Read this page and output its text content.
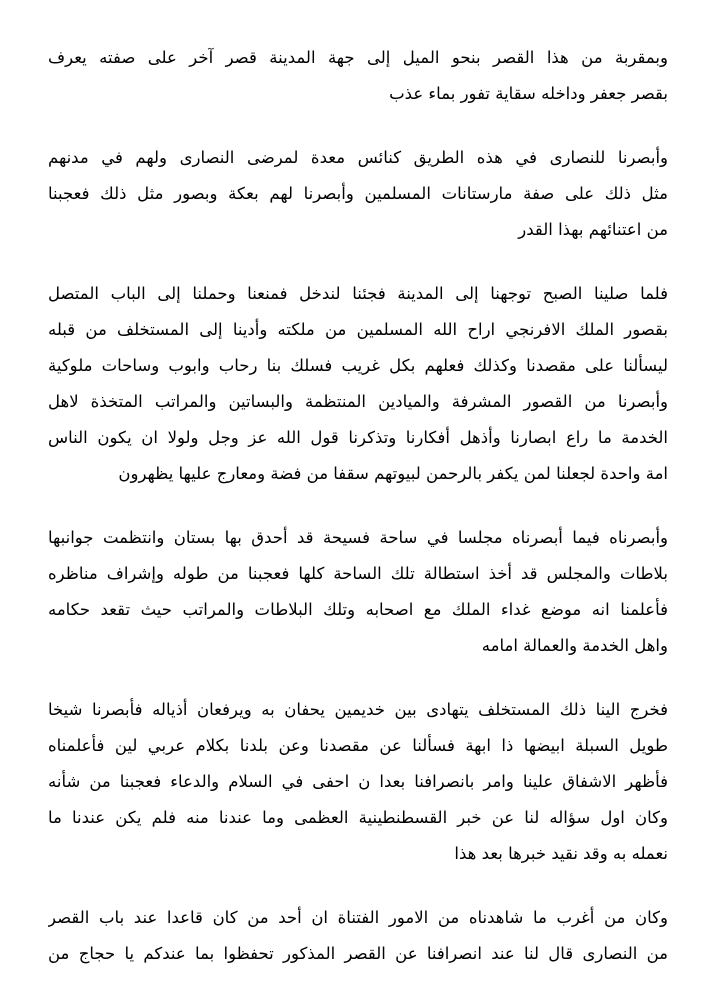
وبمقربة من هذا القصر بنحو الميل إلى جهة المدينة قصر آخر على صفته يعرف
بقصر جعفر وداخله سقاية تفور بماء عذب
وأبصرنا للنصارى في هذه الطريق كنائس معدة لمرضى النصارى ولهم في مدنهم
مثل ذلك على صفة مارستانات المسلمين وأبصرنا لهم بعكة وبصور مثل ذلك فعجبنا
من اعتنائهم بهذا القدر
فلما صلينا الصبح توجهنا إلى المدينة فجئنا لندخل فمنعنا وحملنا إلى الباب المتصل
بقصور الملك الافرنجي اراح الله المسلمين من ملكته وأدينا إلى المستخلف من قبله
ليسألنا على مقصدنا وكذلك فعلهم بكل غريب فسلك بنا رحاب وابوب وساحات ملوكية
وأبصرنا من القصور المشرفة والميادين المنتظمة والبساتين والمراتب المتخذة لاهل
الخدمة ما راع ابصارنا وأذهل أفكارنا وتذكرنا قول الله عز وجل ولولا ان يكون الناس
امة واحدة لجعلنا لمن يكفر بالرحمن لبيوتهم سقفا من فضة ومعارج عليها يظهرون
وأبصرناه فيما أبصرناه مجلسا في ساحة فسيحة قد أحدق بها بستان وانتظمت جوانبها
بلاطات والمجلس قد أخذ استطالة تلك الساحة كلها فعجبنا من طوله وإشراف مناظره
فأعلمنا انه موضع غداء الملك مع اصحابه وتلك البلاطات والمراتب حيث تقعد حكامه
واهل الخدمة والعمالة امامه
فخرج الينا ذلك المستخلف يتهادى بين خديمين يحفان به ويرفعان أذياله فأبصرنا شيخا
طويل السبلة ابيضها ذا ابهة فسألنا عن مقصدنا وعن بلدنا بكلام عربي لين فأعلمناه
فأظهر الاشفاق علينا وامر بانصرافنا بعدا ن احفى في السلام والدعاء فعجبنا من شأنه
وكان اول سؤاله لنا عن خبر القسطنطينية العظمى وما عندنا منه فلم يكن عندنا ما
نعمله به وقد نقيد خبرها بعد هذا
وكان من أغرب ما شاهدناه من الامور الفتناة ان أحد من كان قاعدا عند باب القصر
من النصارى قال لنا عند انصرافنا عن القصر المذكور تحفظوا بما عندكم يا حجاج من
